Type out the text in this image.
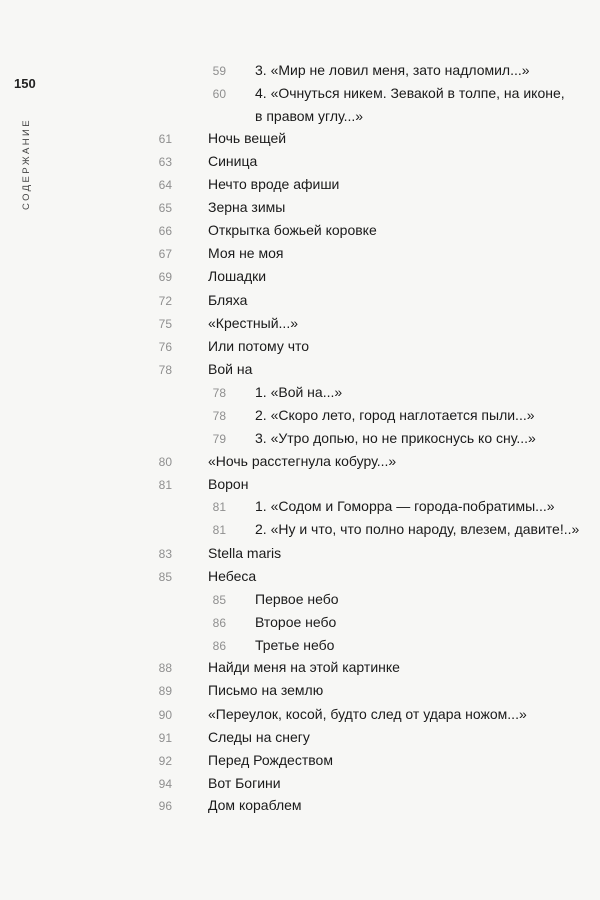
150
СОДЕРЖАНИЕ
59 3. «Мир не ловил меня, зато надломил...»
60 4. «Очнуться никем. Зевакой в толпе, на иконе,
в правом углу...»
61	Ночь вещей
63	Синица
64	Нечто вроде афиши
65	Зерна зимы
66	Открытка божьей коровке
67	Моя не моя
69	Лошадки
72	Бляха
75	«Крестный...»
76	Или потому что
78	Вой на
78 1. «Вой на...»
78 2. «Скоро лето, город наглотается пыли...»
79 3. «Утро допью, но не прикоснусь ко сну...»
80	«Ночь расстегнула кобуру...»
81	Ворон
81 1. «Содом и Гоморра — города-побратимы...»
81 2. «Ну и что, что полно народу, влезем, давите!..»
83	Stella maris
85	Небеса
85 Первое небо
86 Второе небо
86 Третье небо
88	Найди меня на этой картинке
89	Письмо на землю
90	«Переулок, косой, будто след от удара ножом...»
91	Следы на снегу
92	Перед Рождеством
94	Вот Богини
96	Дом кораблем
